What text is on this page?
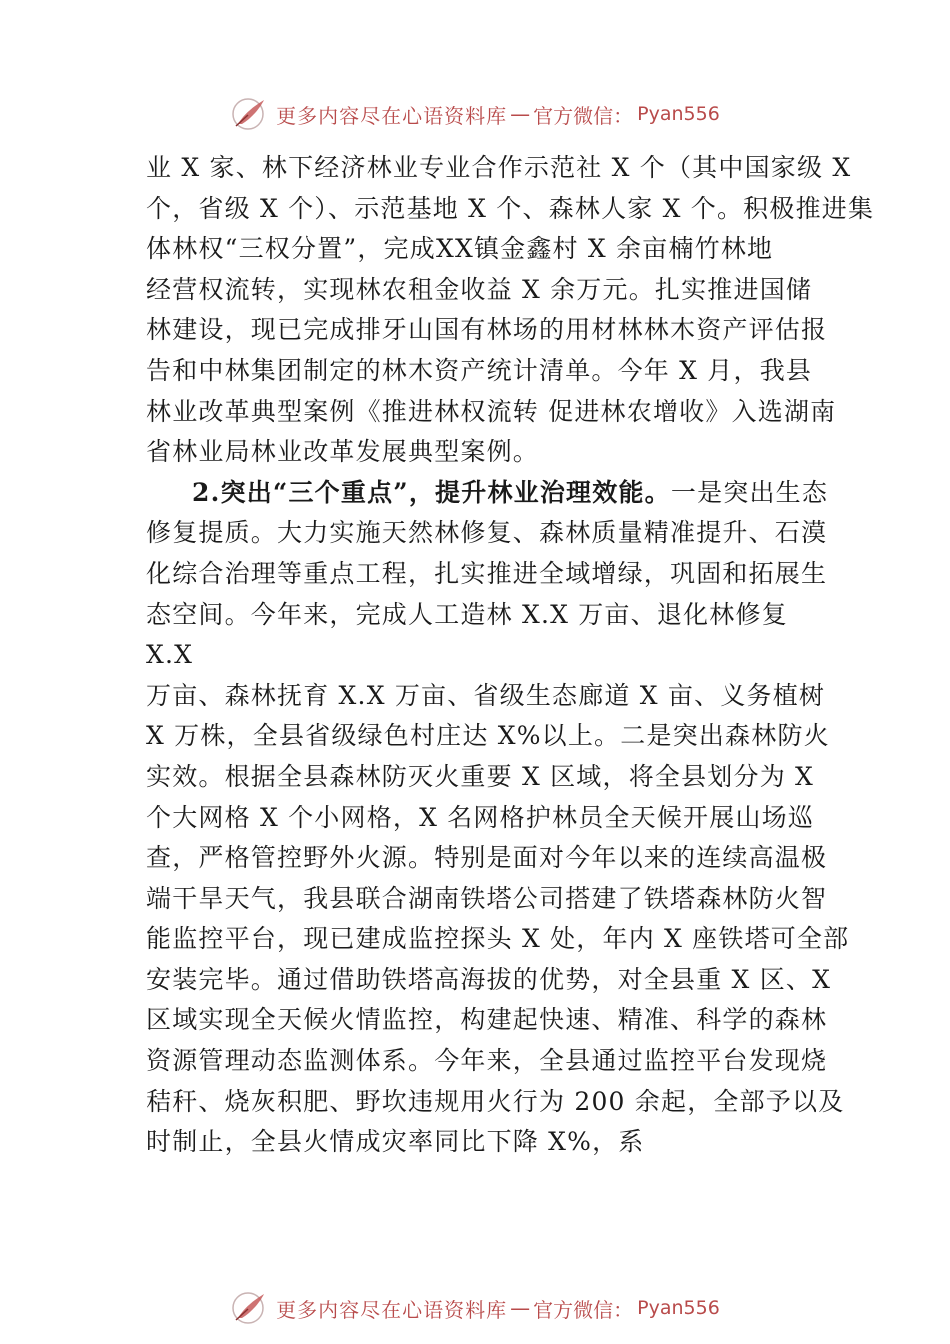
更多内容尽在心语资料库 — 官方微信 ： Pyan556
业 X 家、林下经济林业专业合作示范社 X 个（其中国家级 X
个，省级 X 个）、示范基地 X 个、森林人家 X 个。积极推进集
体林权“三权分置”，完成XX镇金鑫村 X 余亩楠竹林地
经营权流转，实现林农租金收益 X 余万元。扎实推进国储
林建设，现已完成排牙山国有林场的用材林林木资产评估报
告和中林集团制定的林木资产统计清单。今年 X 月，我县
林业改革典型案例《推进林权流转 促进林农增收》入选湖南
省林业局林业改革发展典型案例。
2.突出“三个重点”，提升林业治理效能。一是突出生态
修复提质。大力实施天然林修复、森林质量精准提升、石漠
化综合治理等重点工程，扎实推进全域增绿，巩固和拓展生
态空间。今年来，完成人工造林 X.X 万亩、退化林修复
X.X
万亩、森林抚育 X.X 万亩、省级生态廊道 X 亩、义务植树
X 万株，全县省级绿色村庄达 X%以上。二是突出森林防火
实效。根据全县森林防灭火重要 X 区域，将全县划分为 X
个大网格 X 个小网格，X 名网格护林员全天候开展山场巡
查，严格管控野外火源。特别是面对今年以来的连续高温极
端干旱天气，我县联合湖南铁塔公司搭建了铁塔森林防火智
能监控平台，现已建成监控探头 X 处，年内 X 座铁塔可全部
安装完毕。通过借助铁塔高海拔的优势，对全县重 X 区、X
区域实现全天候火情监控，构建起快速、精准、科学的森林
资源管理动态监测体系。今年来，全县通过监控平台发现烧
秸秆、烧灰积肥、野坎违规用火行为 200 余起，全部予以及
时制止，全县火情成灾率同比下降 X%，系
更多内容尽在心语资料库 — 官方微信 ： Pyan556
